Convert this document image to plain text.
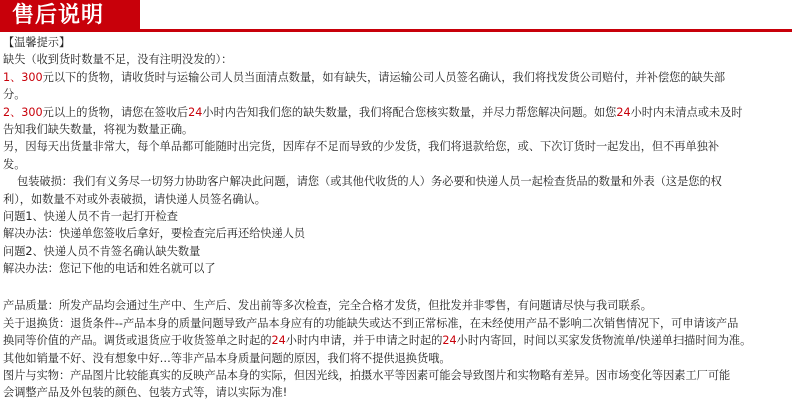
售后说明
【温馨提示】
缺失（收到货时数量不足，没有注明没发的）：
1、300元以下的货物，请收货时与运输公司人员当面清点数量，如有缺失，请运输公司人员签名确认，我们将找发货公司赔付，并补偿您的缺失部
分。
2、300元以上的货物，请您在签收后24小时内告知我们您的缺失数量，我们将配合您核实数量，并尽力帮您解决问题。如您24小时内未清点或未及时
告知我们缺失数量，将视为数量正确。
另，因每天出货量非常大，每个单品都可能随时出完货，因库存不足而导致的少发货，我们将退款给您，或、下次订货时一起发出，但不再单独补
发。
包装破损：我们有义务尽一切努力协助客户解决此问题，请您（或其他代收货的人）务必要和快递人员一起检查货品的数量和外表（这是您的权
利），如数量不对或外表破损，请快递人员签名确认。
问题1、快递人员不肯一起打开检查
解决办法：快递单您签收后拿好，要检查完后再还给快递人员
问题2、快递人员不肯签名确认缺失数量
解决办法：您记下他的电话和姓名就可以了
产品质量：所发产品均会通过生产中、生产后、发出前等多次检查，完全合格才发货，但批发并非零售，有问题请尽快与我司联系。
关于退换货：退货条件--产品本身的质量问题导致产品本身应有的功能缺失或达不到正常标准，在未经使用产品不影响二次销售情况下，可申请该产品
换同等价值的产品。调货或退货应于收货签单之时起的24小时内申请，并于申请之时起的24小时内寄回，时间以买家发货物流单/快递单扫描时间为准。
其他如销量不好、没有想象中好…等非产品本身质量问题的原因，我们将不提供退换货哦。
图片与实物：产品图片比较能真实的反映产品本身的实际，但因光线，拍摄水平等因素可能会导致图片和实物略有差异。因市场变化等因素工厂可能
会调整产品及外包装的颜色、包装方式等，请以实际为准!
